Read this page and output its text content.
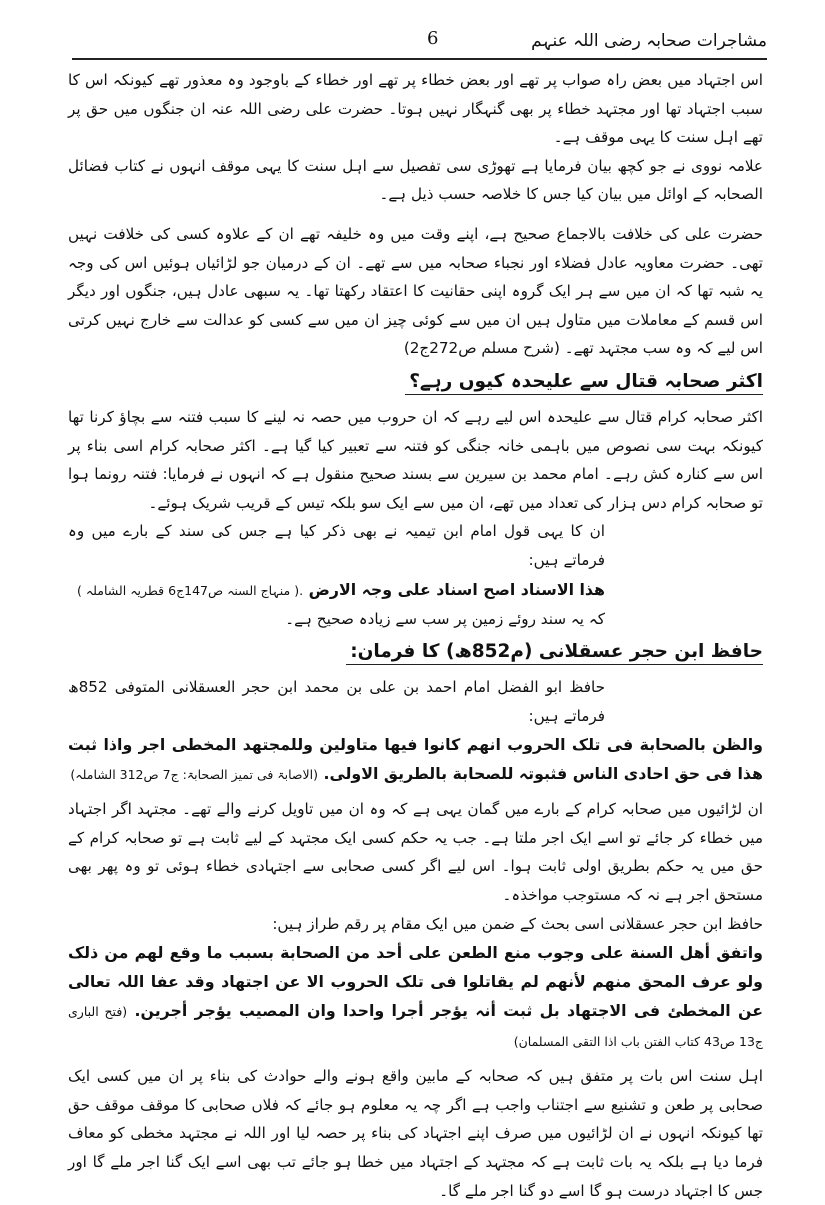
مشاجرات صحابہ رضی اللہ عنہم
6

اس اجتہاد میں بعض راہ صواب پر تھے اور بعض خطاء پر تھے اور خطاء کے باوجود وہ معذور تھے کیونکہ اس کا سبب اجتہاد تھا اور مجتہد خطاء پر بھی گنہگار نہیں ہوتا۔ حضرت علی رضی اللہ عنہ ان جنگوں میں حق پر تھے اہل سنت کا یہی موقف ہے۔

علامہ نووی نے جو کچھ بیان فرمایا ہے تھوڑی سی تفصیل سے اہل سنت کا یہی موقف انہوں نے کتاب فضائل الصحابہ کے اوائل میں بیان کیا جس کا خلاصہ حسب ذیل ہے۔

حضرت علی کی خلافت بالاجماع صحیح ہے، اپنے وقت میں وہ خلیفہ تھے ان کے علاوہ کسی کی خلافت نہیں تھی۔ حضرت معاویہ عادل فضلاء اور نجباء صحابہ میں سے تھے۔ ان کے درمیان جو لڑائیاں ہوئیں اس کی وجہ یہ شبہ تھا کہ ان میں سے ہر ایک گروہ اپنی حقانیت کا اعتقاد رکھتا تھا۔ یہ سبھی عادل ہیں، جنگوں اور دیگر اس قسم کے معاملات میں متاول ہیں ان میں سے کوئی چیز ان میں سے کسی کو عدالت سے خارج نہیں کرتی اس لیے کہ وہ سب مجتہد تھے۔ (شرح مسلم ص272ج2)

اکثر صحابہ قتال سے علیحدہ کیوں رہے؟

اکثر صحابہ کرام قتال سے علیحدہ اس لیے رہے کہ ان حروب میں حصہ نہ لینے کا سبب فتنہ سے بچاؤ کرنا تھا کیونکہ بہت سی نصوص میں باہمی خانہ جنگی کو فتنہ سے تعبیر کیا گیا ہے۔ اکثر صحابہ کرام اسی بناء پر اس سے کنارہ کش رہے۔ امام محمد بن سیرین سے بسند صحیح منقول ہے کہ انہوں نے فرمایا: فتنہ رونما ہوا تو صحابہ کرام دس ہزار کی تعداد میں تھے، ان میں سے ایک سو بلکہ تیس کے قریب شریک ہوئے۔

ان کا یہی قول امام ابن تیمیہ نے بھی ذکر کیا ہے جس کی سند کے بارے میں وہ فرماتے ہیں:

ھذا الاسناد اصح اسناد علی وجہ الارض .( منہاج السنہ ص147ج6 قطریہ الشاملہ )

کہ یہ سند روئے زمین پر سب سے زیادہ صحیح ہے۔

حافظ ابن حجر عسقلانی (م852ھ) کا فرمان:

حافظ ابو الفضل امام احمد بن علی بن محمد ابن حجر العسقلانی المتوفی 852ھ فرماتے ہیں:

والظن بالصحابة فی تلک الحروب انھم کانوا فیھا متاولین وللمجتھد المخطی اجر واذا ثبت ھذا فی حق احادی الناس فثبوتہ للصحابة بالطریق الاولی. (الاصابۃ فی تمیز الصحابۃ: ج7 ص312 الشاملہ)

ان لڑائیوں میں صحابہ کرام کے بارے میں گمان یہی ہے کہ وہ ان میں تاویل کرنے والے تھے۔ مجتہد اگر اجتہاد میں خطاء کر جائے تو اسے ایک اجر ملتا ہے۔ جب یہ حکم کسی ایک مجتہد کے لیے ثابت ہے تو صحابہ کرام کے حق میں یہ حکم بطریق اولی ثابت ہوا۔ اس لیے اگر کسی صحابی سے اجتہادی خطاء ہوئی تو وہ پھر بھی مستحق اجر ہے نہ کہ مستوجب مواخذہ۔

حافظ ابن حجر عسقلانی اسی بحث کے ضمن میں ایک مقام پر رقم طراز ہیں:

واتفق أھل السنة علی وجوب منع الطعن علی أحد من الصحابة بسبب ما وقع لھم من ذلک ولو عرف المحق منھم لأنھم لم یقاتلوا فی تلک الحروب الا عن اجتھاد وقد عفا اللہ تعالی عن المخطئ فی الاجتھاد بل ثبت أنہ یؤجر أجرا واحدا وان المصیب یؤجر أجرین. (فتح الباری ج13 ص43 کتاب الفتن باب اذا التقی المسلمان)

اہل سنت اس بات پر متفق ہیں کہ صحابہ کے مابین واقع ہونے والے حوادث کی بناء پر ان میں کسی ایک صحابی پر طعن و تشنیع سے اجتناب واجب ہے اگر چہ یہ معلوم ہو جائے کہ فلاں صحابی کا موقف موقف حق تھا کیونکہ انہوں نے ان لڑائیوں میں صرف اپنے اجتہاد کی بناء پر حصہ لیا اور اللہ نے مجتہد مخطی کو معاف فرما دیا ہے بلکہ یہ بات ثابت ہے کہ مجتہد کے اجتہاد میں خطا ہو جائے تب بھی اسے ایک گنا اجر ملے گا اور جس کا اجتہاد درست ہو گا اسے دو گنا اجر ملے گا۔
